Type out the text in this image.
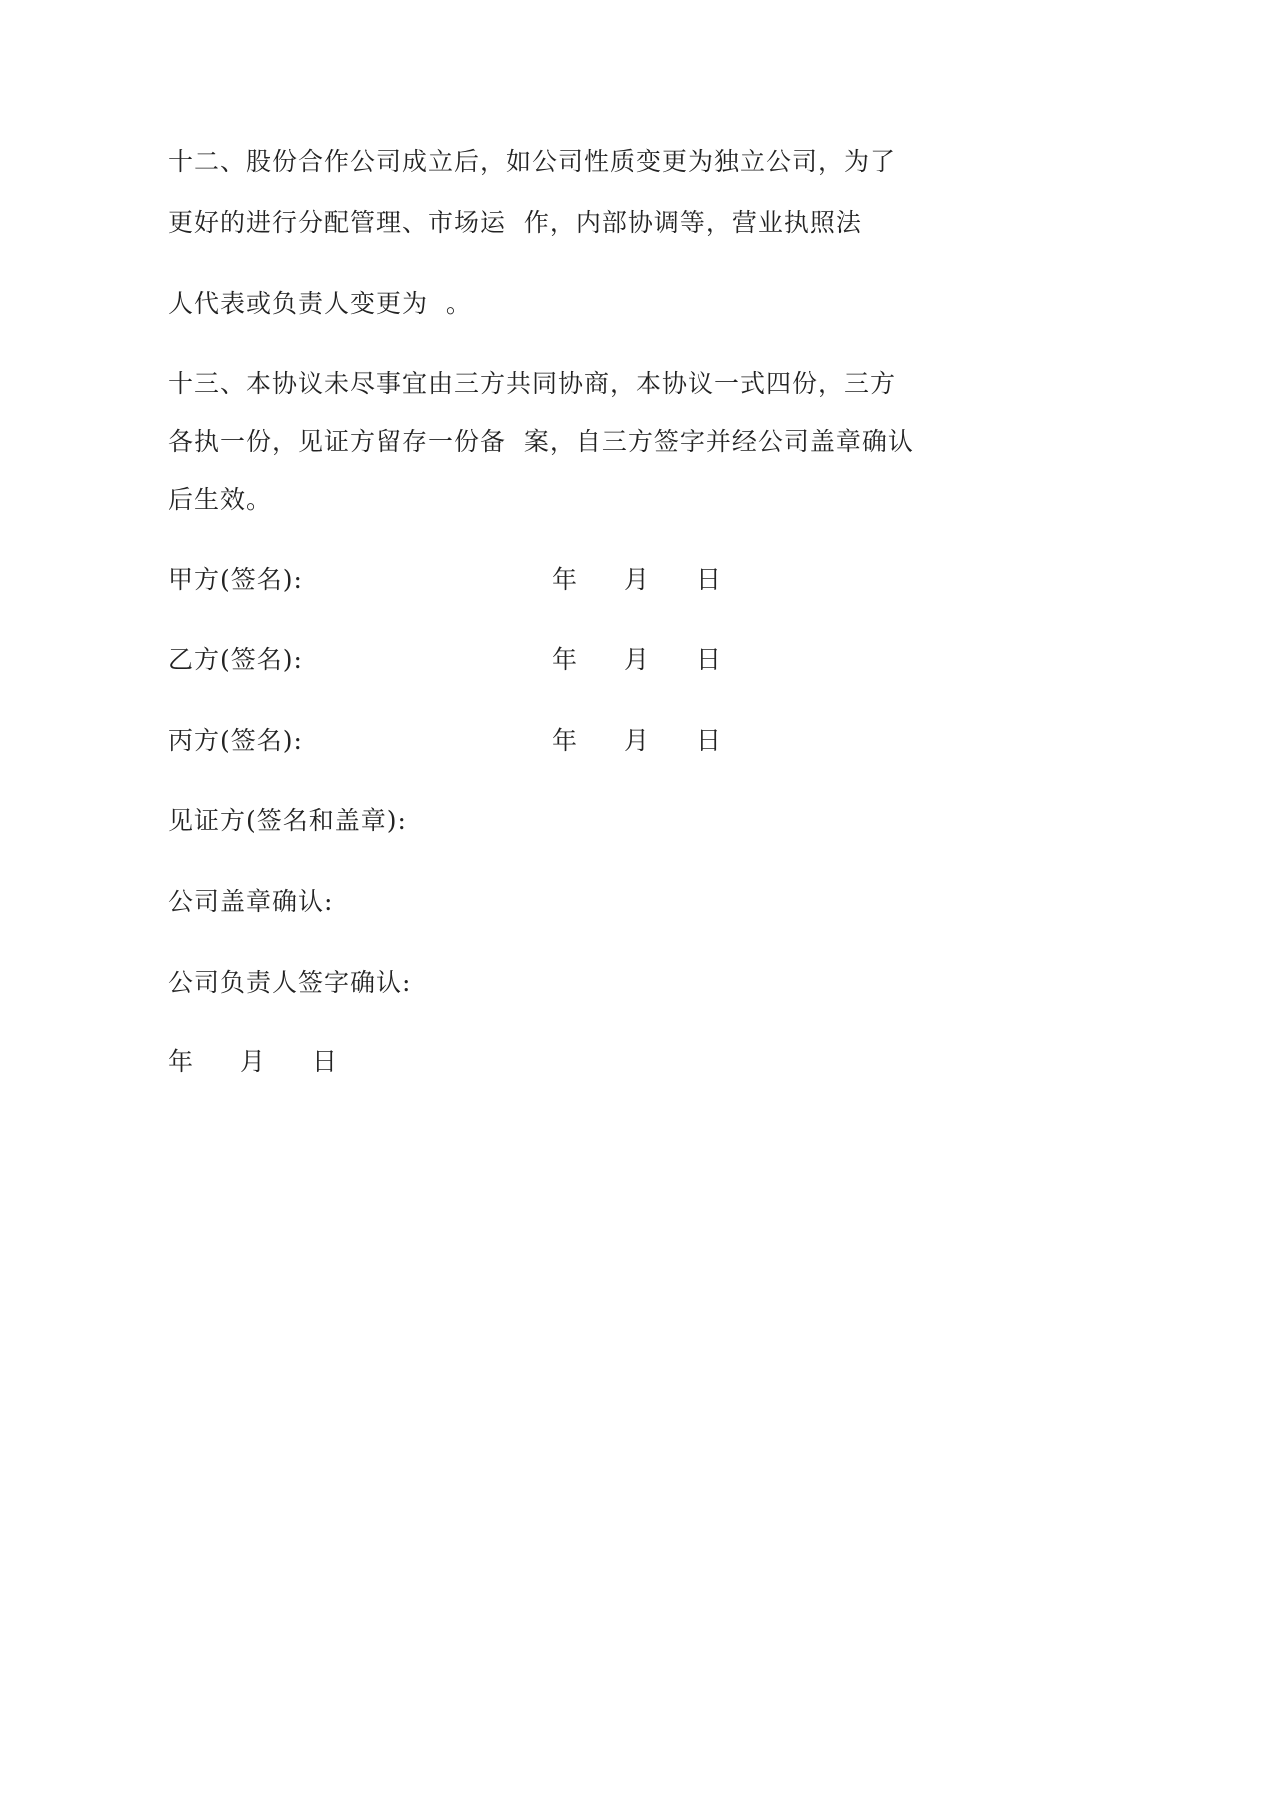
十二、股份合作公司成立后，如公司性质变更为独立公司，为了
更好的进行分配管理、市场运  作，内部协调等，营业执照法
人代表或负责人变更为  。
十三、本协议未尽事宜由三方共同协商，本协议一式四份，三方
各执一份，见证方留存一份备  案，自三方签字并经公司盖章确认
后生效。
甲方(签名):	年 月 日
乙方(签名):	年 月 日
丙方(签名):	年 月 日
见证方(签名和盖章):
公司盖章确认:
公司负责人签字确认:
年 月 日
